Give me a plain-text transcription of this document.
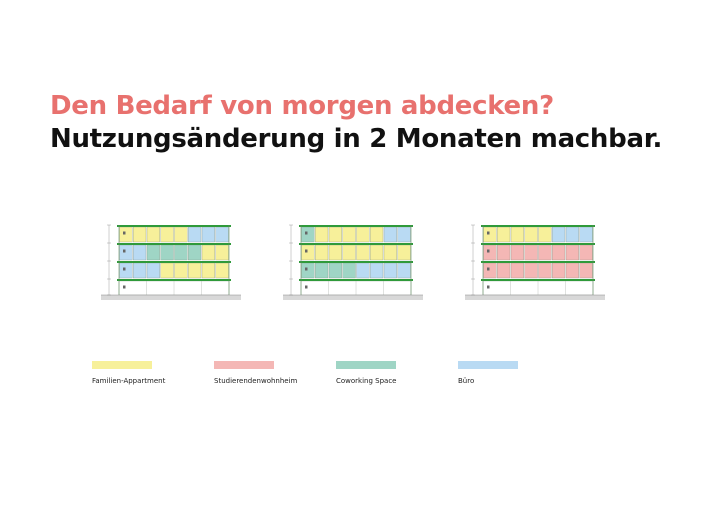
Den Bedarf von morgen abdecken?
Nutzungsänderung in 2 Monaten machbar.
Familien-Appartment	Studierendenwohnheim	Coworking Space	Büro
